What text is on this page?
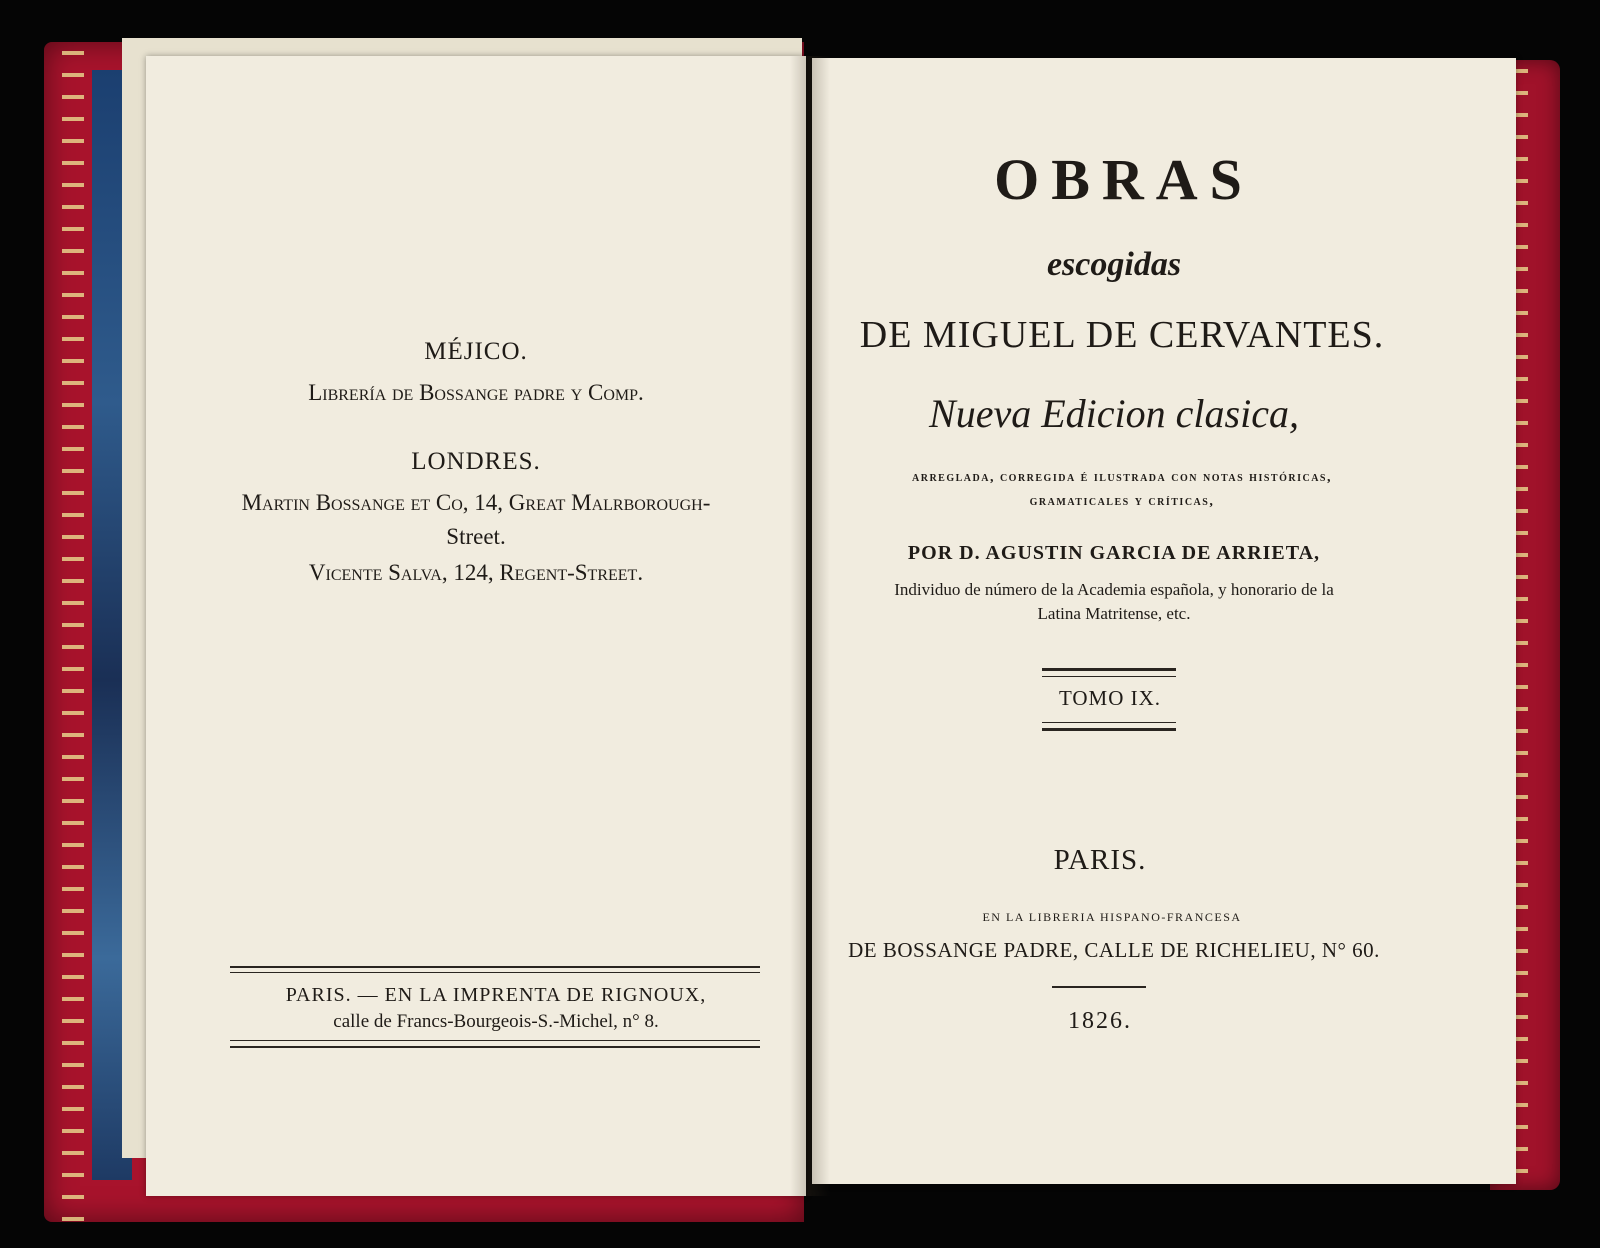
MÉJICO.
Librería de Bossange padre y Comp.
LONDRES.
Martin Bossange et Co, 14, Great Malrborough-
Street.
Vicente Salva, 124, Regent-Street.
PARIS. — EN LA IMPRENTA DE RIGNOUX,
calle de Francs-Bourgeois-S.-Michel, n° 8.
OBRAS
escogidas
DE MIGUEL DE CERVANTES.
Nueva Edicion clasica,
arreglada, corregida é ilustrada con notas históricas,
gramaticales y críticas,
POR D. AGUSTIN GARCIA DE ARRIETA,
Individuo de número de la Academia española, y honorario de la
Latina Matritense, etc.
TOMO IX.
PARIS.
EN LA LIBRERIA HISPANO-FRANCESA
DE BOSSANGE PADRE, CALLE DE RICHELIEU, N° 60.
1826.
